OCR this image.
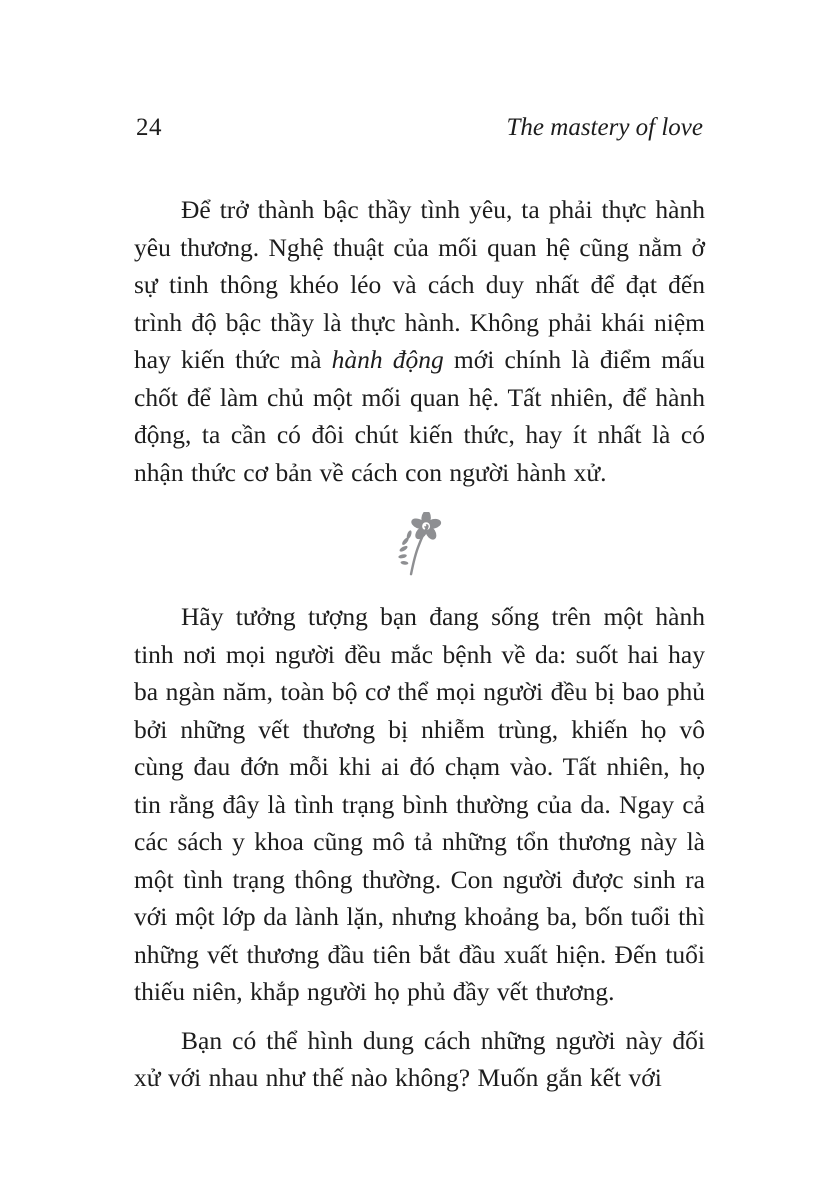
24	The mastery of love

Để trở thành bậc thầy tình yêu, ta phải thực hành yêu thương. Nghệ thuật của mối quan hệ cũng nằm ở sự tinh thông khéo léo và cách duy nhất để đạt đến trình độ bậc thầy là thực hành. Không phải khái niệm hay kiến thức mà hành động mới chính là điểm mấu chốt để làm chủ một mối quan hệ. Tất nhiên, để hành động, ta cần có đôi chút kiến thức, hay ít nhất là có nhận thức cơ bản về cách con người hành xử.

Hãy tưởng tượng bạn đang sống trên một hành tinh nơi mọi người đều mắc bệnh về da: suốt hai hay ba ngàn năm, toàn bộ cơ thể mọi người đều bị bao phủ bởi những vết thương bị nhiễm trùng, khiến họ vô cùng đau đớn mỗi khi ai đó chạm vào. Tất nhiên, họ tin rằng đây là tình trạng bình thường của da. Ngay cả các sách y khoa cũng mô tả những tổn thương này là một tình trạng thông thường. Con người được sinh ra với một lớp da lành lặn, nhưng khoảng ba, bốn tuổi thì những vết thương đầu tiên bắt đầu xuất hiện. Đến tuổi thiếu niên, khắp người họ phủ đầy vết thương.

Bạn có thể hình dung cách những người này đối xử với nhau như thế nào không? Muốn gắn kết với
